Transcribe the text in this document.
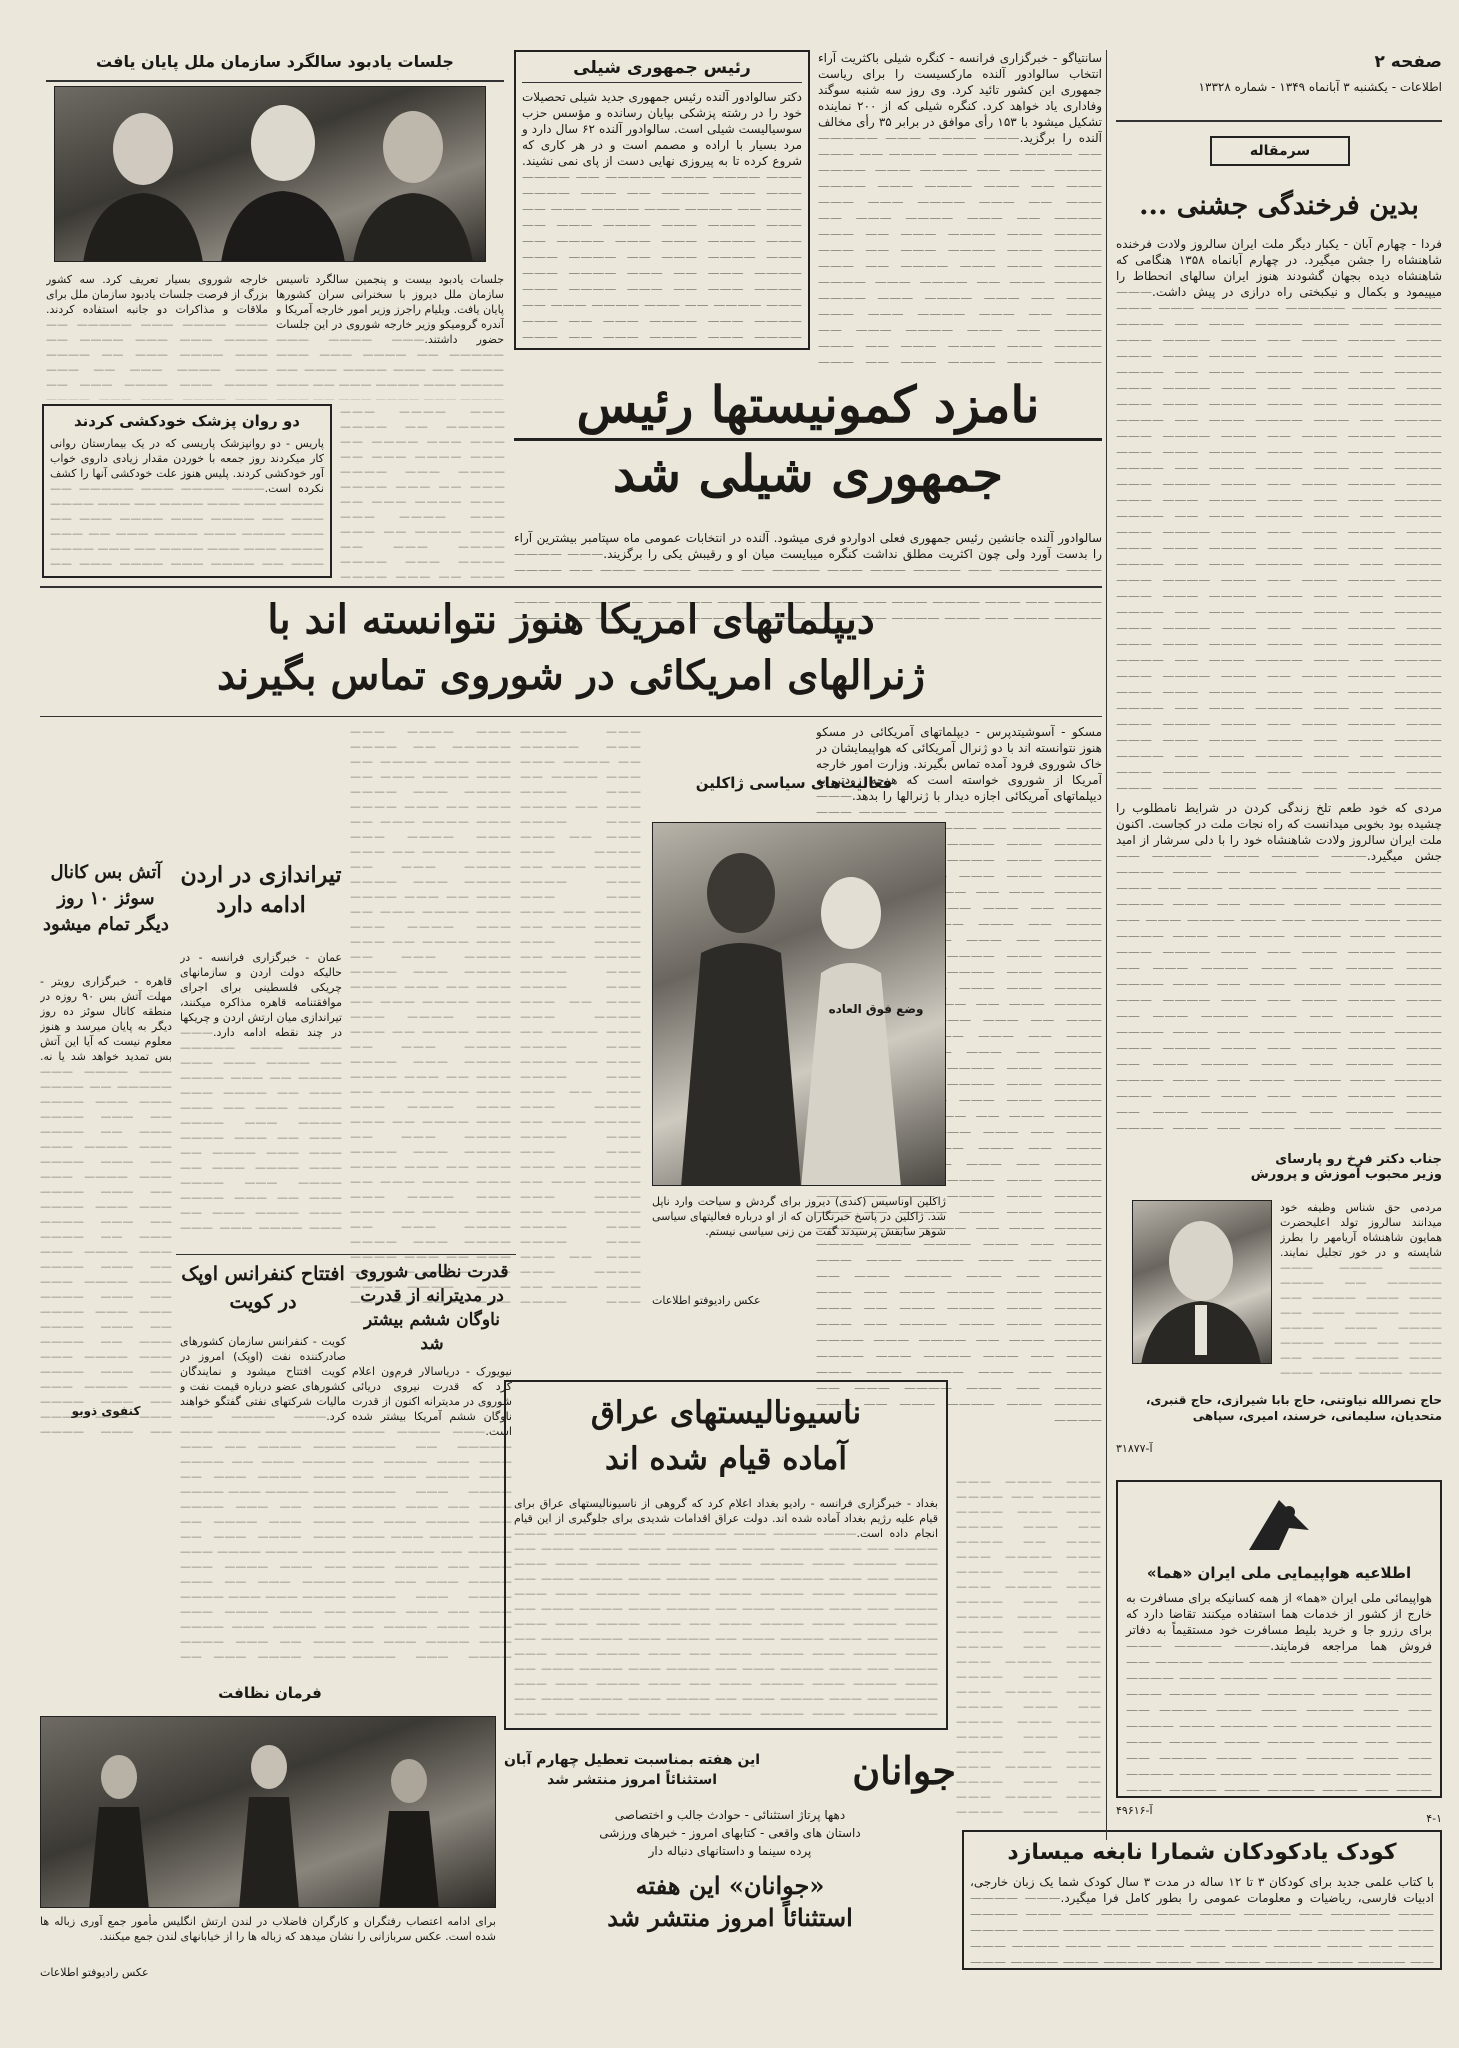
صفحه ۲
اطلاعات - یکشنبه ۳ آبانماه ۱۳۴۹ - شماره ۱۳۳۲۸
سرمقاله
بدین فرخندگی جشنی ...
فردا - چهارم آبان - یکبار دیگر ملت ایران سالروز ولادت فرخنده شاهنشاه را جشن میگیرد. در چهارم آبانماه ۱۳۵۸ هنگامی که شاهنشاه دیده بجهان گشودند هنوز ایران سالهای انحطاط را میپیمود و بکمال و نیکبختی راه درازی در پیش داشت. ——— —
مردی که خود طعم تلخ زندگی کردن در شرایط نامطلوب را چشیده بود بخوبی میدانست که راه نجات ملت در کجاست. اکنون ملت ایران سالروز ولادت شاهنشاه خود را با دلی سرشار از امید جشن میگیرد. ——— —
جناب دکتر فرخ رو پارسای
وزیر محبوب آموزش و پرورش
مردمی حق شناس وظیفه خود میدانند سالروز تولد اعلیحضرت همایون شاهنشاه آریامهر را بطرز شایسته و در خور تجلیل نمایند. ——— —
حاج نصرالله نیاوتنی، حاج بابا شیرازی، حاج قنبری، متحدیان، سلیمانی، خرسند، امیری، سپاهی
آ-۳۱۸۷۷
اطلاعیه هواپیمایی ملی ایران «هما»
هواپیمائی ملی ایران «هما» از همه کسانیکه برای مسافرت به خارج از کشور از خدمات هما استفاده میکنند تقاضا دارد که برای رزرو جا و خرید بلیط مسافرت خود مستقیماً به دفاتر فروش هما مراجعه فرمایند. ——— —
آ-۴۹۶۱۶
کودک یادکودکان شمارا نابغه میسازد
با کتاب علمی جدید برای کودکان ۳ تا ۱۲ ساله در مدت ۳ سال کودک شما یک زبان خارجی، ادبیات فارسی، ریاضیات و معلومات عمومی را بطور کامل فرا میگیرد. ——— —
۴-۱
سانتیاگو - خبرگزاری فرانسه - کنگره شیلی باکثریت آراء انتخاب سالوادور آلنده مارکسیست را برای ریاست جمهوری این کشور تائید کرد. وی روز سه شنبه سوگند وفاداری یاد خواهد کرد. کنگره شیلی که از ۲۰۰ نماینده تشکیل میشود با ۱۵۳ رأی موافق در برابر ۳۵ رأی مخالف آلنده را برگزید. ——— —
رئیس جمهوری شیلی
دکتر سالوادور آلنده رئیس جمهوری جدید شیلی تحصیلات خود را در رشته پزشکی بپایان رسانده و مؤسس حزب سوسیالیست شیلی است. سالوادور آلنده ۶۲ سال دارد و مرد بسیار با اراده و مصمم است و در هر کاری که شروع کرده تا به پیروزی نهایی دست از پای نمی نشیند. ——— —
نامزد کمونیستها رئیس
جمهوری شیلی شد
سالوادور آلنده جانشین رئیس جمهوری فعلی ادواردو فری میشود. آلنده در انتخابات عمومی ماه سپتامبر بیشترین آراء را بدست آورد ولی چون اکثریت مطلق نداشت کنگره میبایست میان او و رقیبش یکی را برگزیند. ——— —
جلسات یادبود سالگرد سازمان ملل پایان یافت
جلسات یادبود بیست و پنجمین سالگرد تاسیس سازمان ملل دیروز با سخنرانی سران کشورها پایان یافت. ویلیام راجرز وزیر امور خارجه آمریکا و آندره گرومیکو وزیر خارجه شوروی در این جلسات حضور داشتند. ——— —
خارجه شوروی بسیار تعریف کرد. سه کشور بزرگ از فرصت جلسات یادبود سازمان ملل برای ملاقات و مذاکرات دو جانبه استفاده کردند. ——— —
دو روان پزشک خودکشی کردند
پاریس - دو روانپزشک پاریسی که در یک بیمارستان روانی کار میکردند روز جمعه با خوردن مقدار زیادی داروی خواب آور خودکشی کردند. پلیس هنوز علت خودکشی آنها را کشف نکرده است. ——— —
——— —
دیپلماتهای امریکا هنوز نتوانسته اند با
ژنرالهای امریکائی در شوروی تماس بگیرند
مسکو - آسوشیتدپرس - دیپلماتهای آمریکائی در مسکو هنوز نتوانسته اند با دو ژنرال آمریکائی که هواپیمایشان در خاک شوروی فرود آمده تماس بگیرند. وزارت امور خارجه آمریکا از شوروی خواسته است که هرچه زودتر به دیپلماتهای آمریکائی اجازه دیدار با ژنرالها را بدهد. ——— —
فعالیت‌های سیاسی ژاکلین
ژاکلین اوناسیس (کندی) دیروز برای گردش و سیاحت وارد ناپل شد. ژاکلین در پاسخ خبرنگاران که از او درباره فعالیتهای سیاسی شوهر سابقش پرسیدند گفت من زنی سیاسی نیستم.
عکس رادیوفتو اطلاعات
وضع فوق العاده
——— —
——— —
تیراندازی در اردن ادامه دارد
عمان - خبرگزاری فرانسه - در حالیکه دولت اردن و سازمانهای چریکی فلسطینی برای اجرای موافقتنامه قاهره مذاکره میکنند، تیراندازی میان ارتش اردن و چریکها در چند نقطه ادامه دارد. ——— —
آتش بس کانال سوئز ۱۰ روز دیگر تمام میشود
قاهره - خبرگزاری رویتر - مهلت آتش بس ۹۰ روزه در منطقه کانال سوئز ده روز دیگر به پایان میرسد و هنوز معلوم نیست که آیا این آتش بس تمدید خواهد شد یا نه. ——— —
کنفوی ذوبو
قدرت نظامی شوروی در مدیترانه از قدرت ناوگان ششم بیشتر شد
نیویورک - دریاسالار فرم‌ون اعلام کرد که قدرت نیروی دریائی شوروی در مدیترانه اکنون از قدرت ناوگان ششم آمریکا بیشتر شده است. ——— —
افتتاح کنفرانس اوپک در کویت
کویت - کنفرانس سازمان کشورهای صادرکننده نفت (اوپک) امروز در کویت افتتاح میشود و نمایندگان کشورهای عضو درباره قیمت نفت و مالیات شرکتهای نفتی گفتگو خواهند کرد. ——— —	ناسیونالیستهای عراق
آماده قیام شده اند
بغداد - خبرگزاری فرانسه - رادیو بغداد اعلام کرد که گروهی از ناسیونالیستهای عراق برای قیام علیه رژیم بغداد آماده شده اند. دولت عراق اقدامات شدیدی برای جلوگیری از این قیام انجام داده است. ——— —
——— —
فرمان نظافت
برای ادامه اعتصاب رفتگران و کارگران فاضلاب در لندن ارتش انگلیس مأمور جمع آوری زباله ها شده است. عکس سربازانی را نشان میدهد که زباله ها را از خیابانهای لندن جمع میکنند.
عکس رادیوفتو اطلاعات
جوانان
این هفته بمناسبت تعطیل چهارم آبان
استثنائاً امروز منتشر شد
دهها پرتاژ استثنائی - حوادث جالب و اختصاصی
داستان های واقعی - کتابهای امروز - خبرهای ورزشی
پرده سینما و داستانهای دنباله دار
«جوانان» این هفته
استثنائاً امروز منتشر شد
